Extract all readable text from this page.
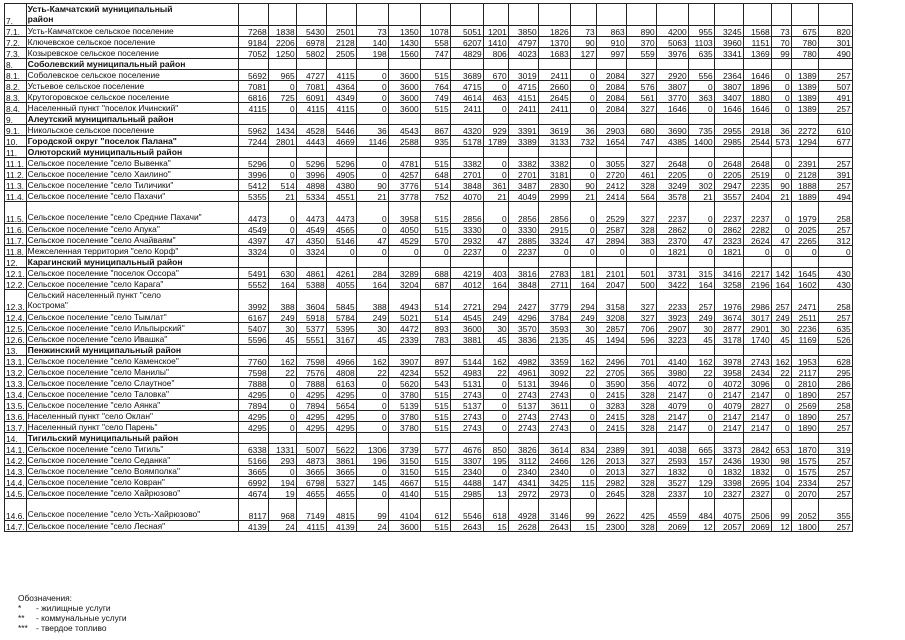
7.	Усть-Камчатский муниципальный
район																					

7.1.	Усть-Камчатское сельское поселение	7268	1838	5430	2501	73	1350	1078	5051	1201	3850	1826	73	863	890	4200	955	3245	1568	73	675	820
7.2.	Ключевское сельское поселение	9184	2206	6978	2128	140	1430	558	6207	1410	4797	1370	90	910	370	5063	1103	3960	1151	70	780	301
7.3.	Козыревское сельское поселение	7052	1250	5802	2505	198	1560	747	4829	806	4023	1683	127	997	559	3976	635	3341	1369	99	780	490
8.	Соболевский муниципальный район																					

8.1.	Соболевское сельское поселение	5692	965	4727	4115	0	3600	515	3689	670	3019	2411	0	2084	327	2920	556	2364	1646	0	1389	257
8.2.	Устьевое сельское поселение	7081	0	7081	4364	0	3600	764	4715	0	4715	2660	0	2084	576	3807	0	3807	1896	0	1389	507
8.3.	Крутогоровское сельское поселение	6816	725	6091	4349	0	3600	749	4614	463	4151	2645	0	2084	561	3770	363	3407	1880	0	1389	491
8.4.	Населенный пункт "поселок Ичинский"	4115	0	4115	4115	0	3600	515	2411	0	2411	2411	0	2084	327	1646	0	1646	1646	0	1389	257
9.	Алеутский муниципальный район																					

9.1.	Никольское сельское поселение	5962	1434	4528	5446	36	4543	867	4320	929	3391	3619	36	2903	680	3690	735	2955	2918	36	2272	610
10.	Городской округ "поселок Палана"	7244	2801	4443	4669	1146	2588	935	5178	1789	3389	3133	732	1654	747	4385	1400	2985	2544	573	1294	677
11.	Олюторский муниципальный район																					

11.1.	Сельское поселение "село Вывенка"	5296	0	5296	5296	0	4781	515	3382	0	3382	3382	0	3055	327	2648	0	2648	2648	0	2391	257
11.2.	Сельское поселение "село Хаилино"	3996	0	3996	4905	0	4257	648	2701	0	2701	3181	0	2720	461	2205	0	2205	2519	0	2128	391
11.3.	Сельское поселение "село Тиличики"	5412	514	4898	4380	90	3776	514	3848	361	3487	2830	90	2412	328	3249	302	2947	2235	90	1888	257
11.4.	Сельское поселение "село Пахачи"	5355	21	5334	4551	21	3778	752	4070	21	4049	2999	21	2414	564	3578	21	3557	2404	21	1889	494
11.5.	Сельское поселение "село Средние Пахачи"	4473	0	4473	4473	0	3958	515	2856	0	2856	2856	0	2529	327	2237	0	2237	2237	0	1979	258
11.6.	Сельское поселение "село Апука"	4549	0	4549	4565	0	4050	515	3330	0	3330	2915	0	2587	328	2862	0	2862	2282	0	2025	257
11.7.	Сельское поселение "село Ачайваям"	4397	47	4350	5146	47	4529	570	2932	47	2885	3324	47	2894	383	2370	47	2323	2624	47	2265	312
11.8.	Межселенная территория "село Корф"	3324	0	3324	0	0	0	0	2237	0	2237	0	0	0	0	1821	0	1821	0	0	0	0
12.	Карагинский муниципальный район																					

12.1.	Сельское поселение "поселок Оссора"	5491	630	4861	4261	284	3289	688	4219	403	3816	2783	181	2101	501	3731	315	3416	2217	142	1645	430
12.2.	Сельское поселение "село Карага"	5552	164	5388	4055	164	3204	687	4012	164	3848	2711	164	2047	500	3422	164	3258	2196	164	1602	430
12.3.	Сельский населенный пункт "село
Кострома"	3992	388	3604	5845	388	4943	514	2721	294	2427	3779	294	3158	327	2233	257	1976	2986	257	2471	258
12.4.	Сельское поселение "село Тымлат"	6167	249	5918	5784	249	5021	514	4545	249	4296	3784	249	3208	327	3923	249	3674	3017	249	2511	257
12.5.	Сельское поселение "село Ильпырский"	5407	30	5377	5395	30	4472	893	3600	30	3570	3593	30	2857	706	2907	30	2877	2901	30	2236	635
12.6.	Сельское поселение "село Ивашка"	5596	45	5551	3167	45	2339	783	3881	45	3836	2135	45	1494	596	3223	45	3178	1740	45	1169	526
13.	Пенжинский муниципальный район																					

13.1.	Сельское поселение "село Каменское"	7760	162	7598	4966	162	3907	897	5144	162	4982	3359	162	2496	701	4140	162	3978	2743	162	1953	628
13.2.	Сельское поселение "село Манилы"	7598	22	7576	4808	22	4234	552	4983	22	4961	3092	22	2705	365	3980	22	3958	2434	22	2117	295
13.3.	Сельское поселение "село Слаутное"	7888	0	7888	6163	0	5620	543	5131	0	5131	3946	0	3590	356	4072	0	4072	3096	0	2810	286
13.4.	Сельское поселение "село Таловка"	4295	0	4295	4295	0	3780	515	2743	0	2743	2743	0	2415	328	2147	0	2147	2147	0	1890	257
13.5.	Сельское поселение "село Аянка"	7894	0	7894	5654	0	5139	515	5137	0	5137	3611	0	3283	328	4079	0	4079	2827	0	2569	258
13.6.	Населенный пункт "село Оклан"	4295	0	4295	4295	0	3780	515	2743	0	2743	2743	0	2415	328	2147	0	2147	2147	0	1890	257
13.7.	Населенный пункт "село Парень"	4295	0	4295	4295	0	3780	515	2743	0	2743	2743	0	2415	328	2147	0	2147	2147	0	1890	257
14.	Тигильский муниципальный район																					

14.1.	Сельское поселение "село Тигиль"	6338	1331	5007	5622	1306	3739	577	4676	850	3826	3614	834	2389	391	4038	665	3373	2842	653	1870	319
14.2.	Сельское поселение "село Седанка"	5166	293	4873	3861	196	3150	515	3307	195	3112	2466	126	2013	327	2593	157	2436	1930	98	1575	257
14.3.	Сельское поселение "село Воямполка"	3665	0	3665	3665	0	3150	515	2340	0	2340	2340	0	2013	327	1832	0	1832	1832	0	1575	257
14.4.	Сельское поселение "село Ковран"	6992	194	6798	5327	145	4667	515	4488	147	4341	3425	115	2982	328	3527	129	3398	2695	104	2334	257
14.5.	Сельское поселение "село Хайрюзово"	4674	19	4655	4655	0	4140	515	2985	13	2972	2973	0	2645	328	2337	10	2327	2327	0	2070	257
14.6.	Сельское поселение "село Усть-Хайрюзово"	8117	968	7149	4815	99	4104	612	5546	618	4928	3146	99	2622	425	4559	484	4075	2506	99	2052	355
14.7.	Сельское поселение "село Лесная"	4139	24	4115	4139	24	3600	515	2643	15	2628	2643	15	2300	328	2069	12	2057	2069	12	1800	257
Обозначения:
* - жилищные услуги
** - коммунальные услуги
*** - твердое топливо
